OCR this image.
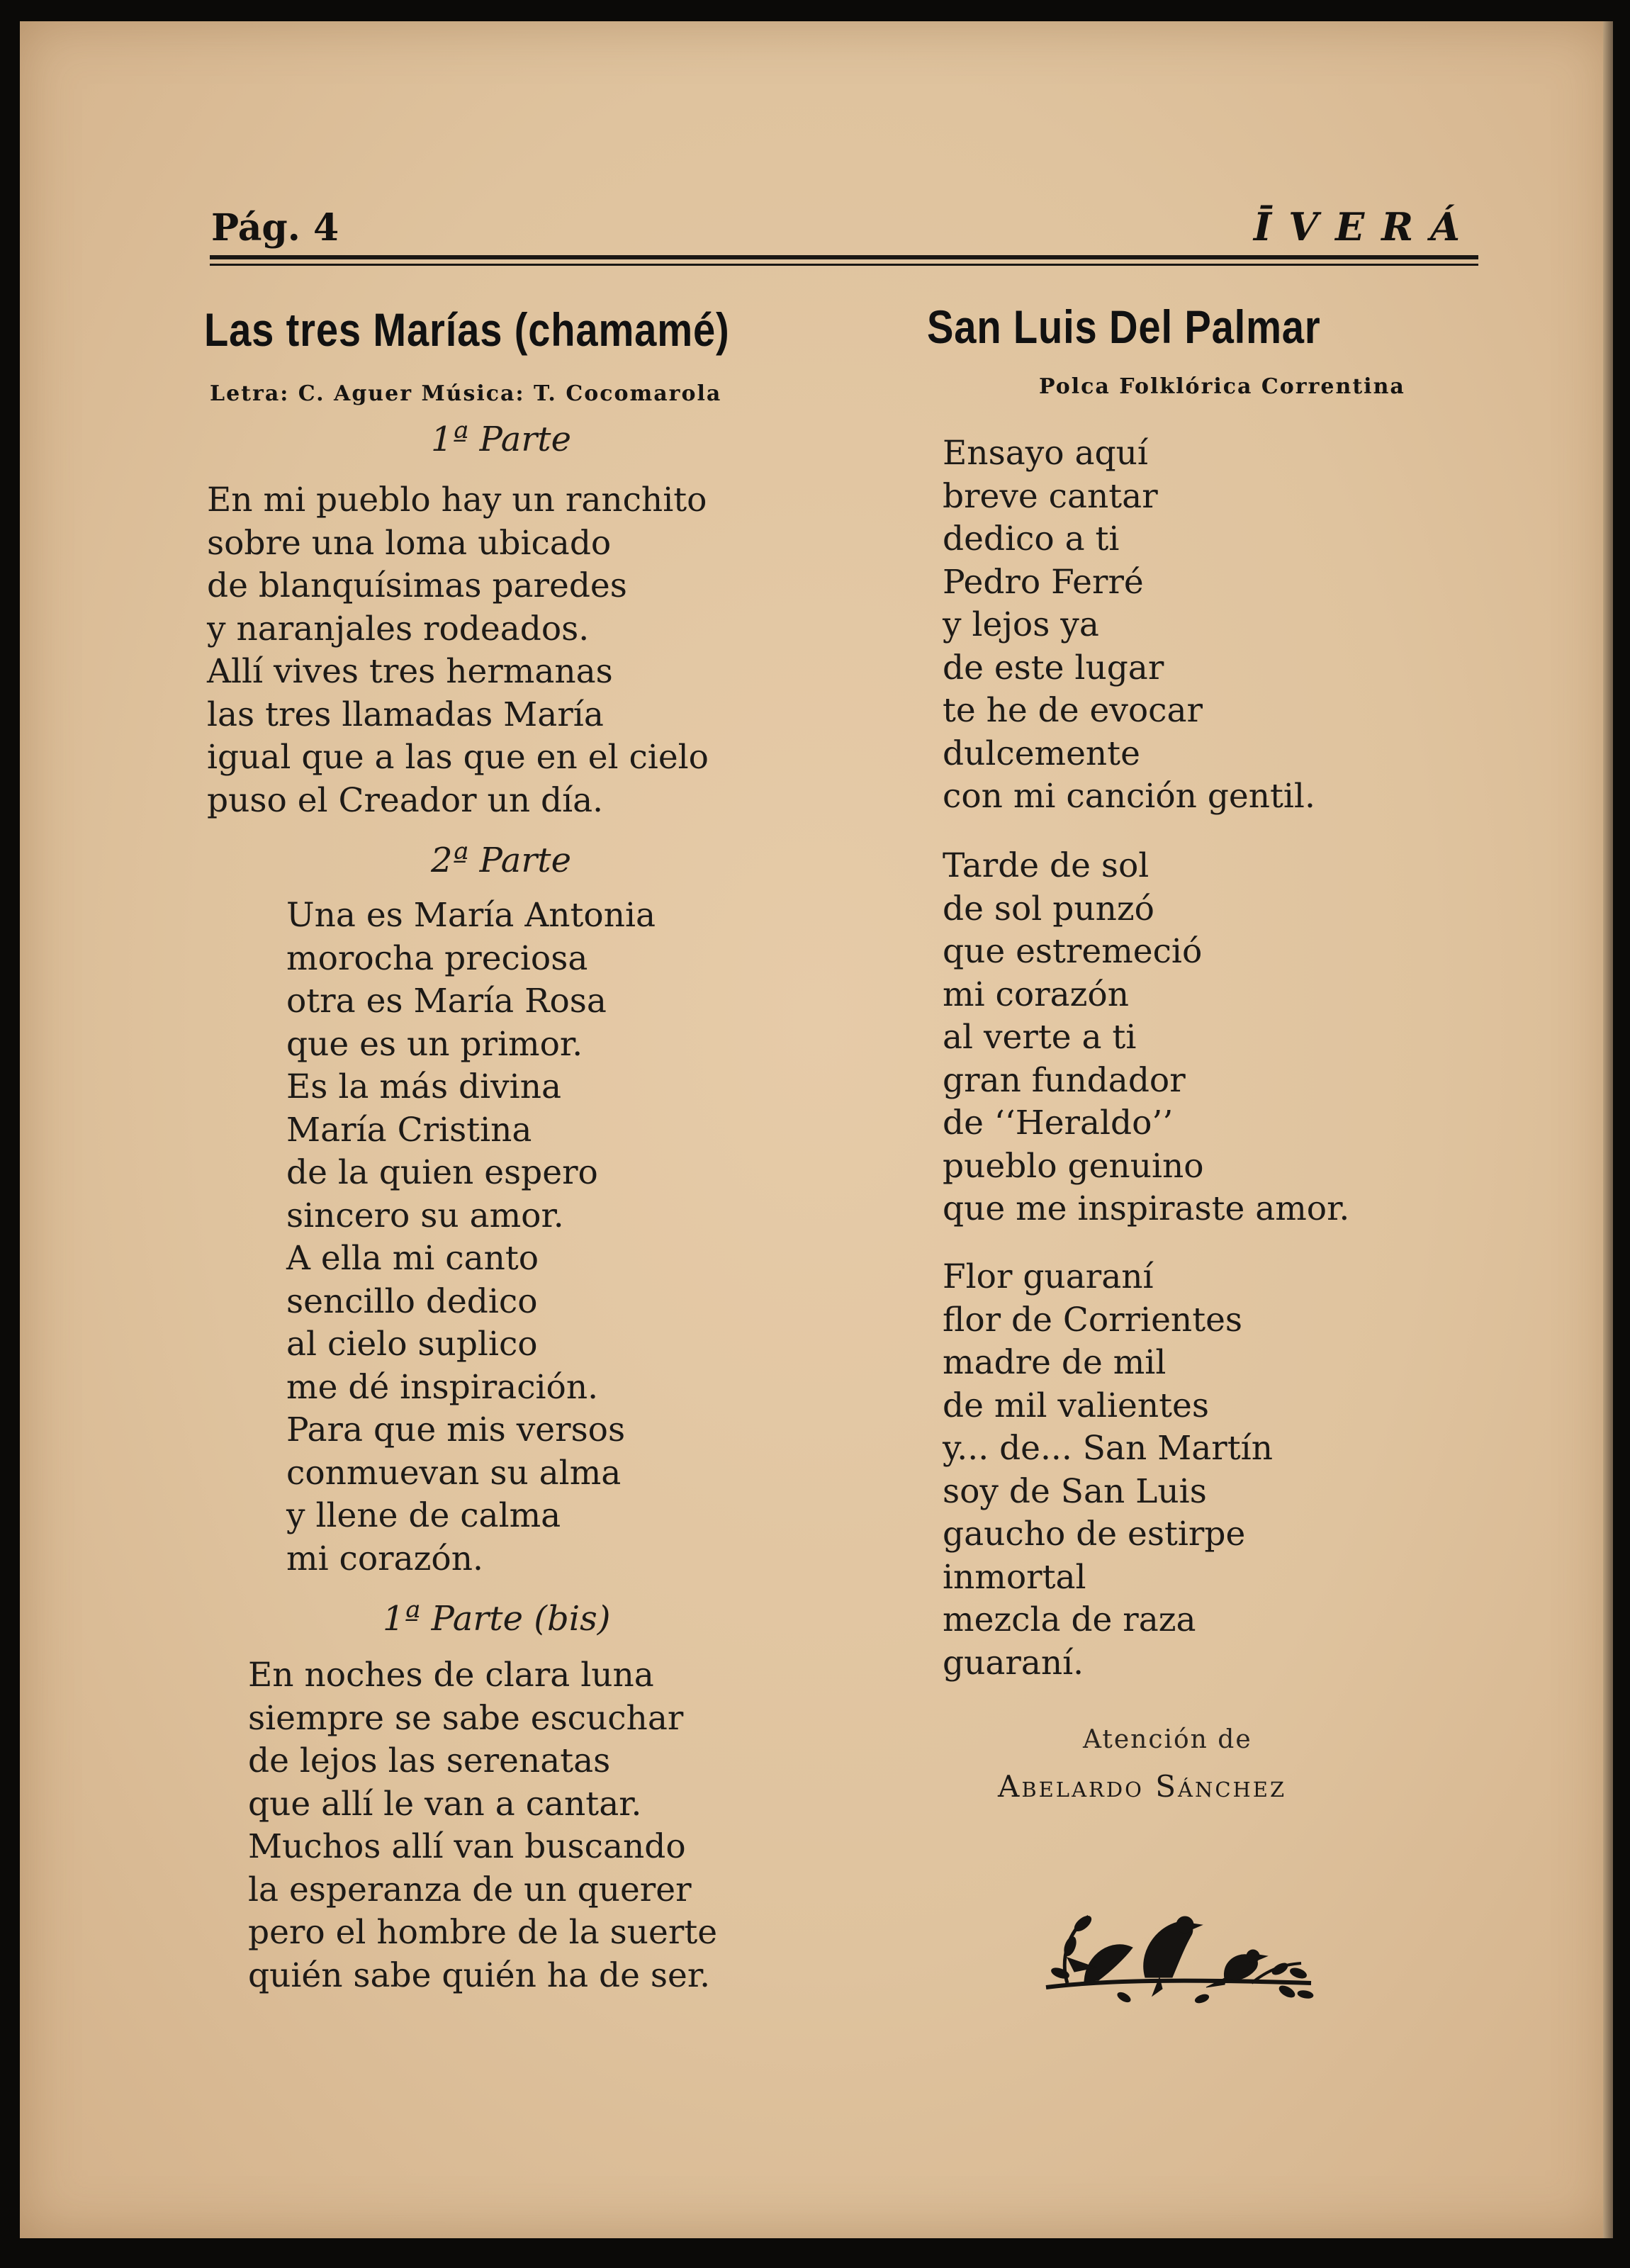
Pág. 4	ĪVERÁ
Las tres Marías (chamamé)
Letra: C. Aguer Música: T. Cocomarola
1ª Parte
En mi pueblo hay un ranchito
sobre una loma ubicado
de blanquísimas paredes
y naranjales rodeados.
Allí vives tres hermanas
las tres llamadas María
igual que a las que en el cielo
puso el Creador un día.
2ª Parte
Una es María Antonia
morocha preciosa
otra es María Rosa
que es un primor.
Es la más divina
María Cristina
de la quien espero
sincero su amor.
A ella mi canto
sencillo dedico
al cielo suplico
me dé inspiración.
Para que mis versos
conmuevan su alma
y llene de calma
mi corazón.
1ª Parte (bis)
En noches de clara luna
siempre se sabe escuchar
de lejos las serenatas
que allí le van a cantar.
Muchos allí van buscando
la esperanza de un querer
pero el hombre de la suerte
quién sabe quién ha de ser.
San Luis Del Palmar
Polca Folklórica Correntina
Ensayo aquí
breve cantar
dedico a ti
Pedro Ferré
y lejos ya
de este lugar
te he de evocar
dulcemente
con mi canción gentil.
Tarde de sol
de sol punzó
que estremeció
mi corazón
al verte a ti
gran fundador
de ‘‘Heraldo’’
pueblo genuino
que me inspiraste amor.
Flor guaraní
flor de Corrientes
madre de mil
de mil valientes
y... de... San Martín
soy de San Luis
gaucho de estirpe
inmortal
mezcla de raza
guaraní.
Atención de
Abelardo Sánchez
